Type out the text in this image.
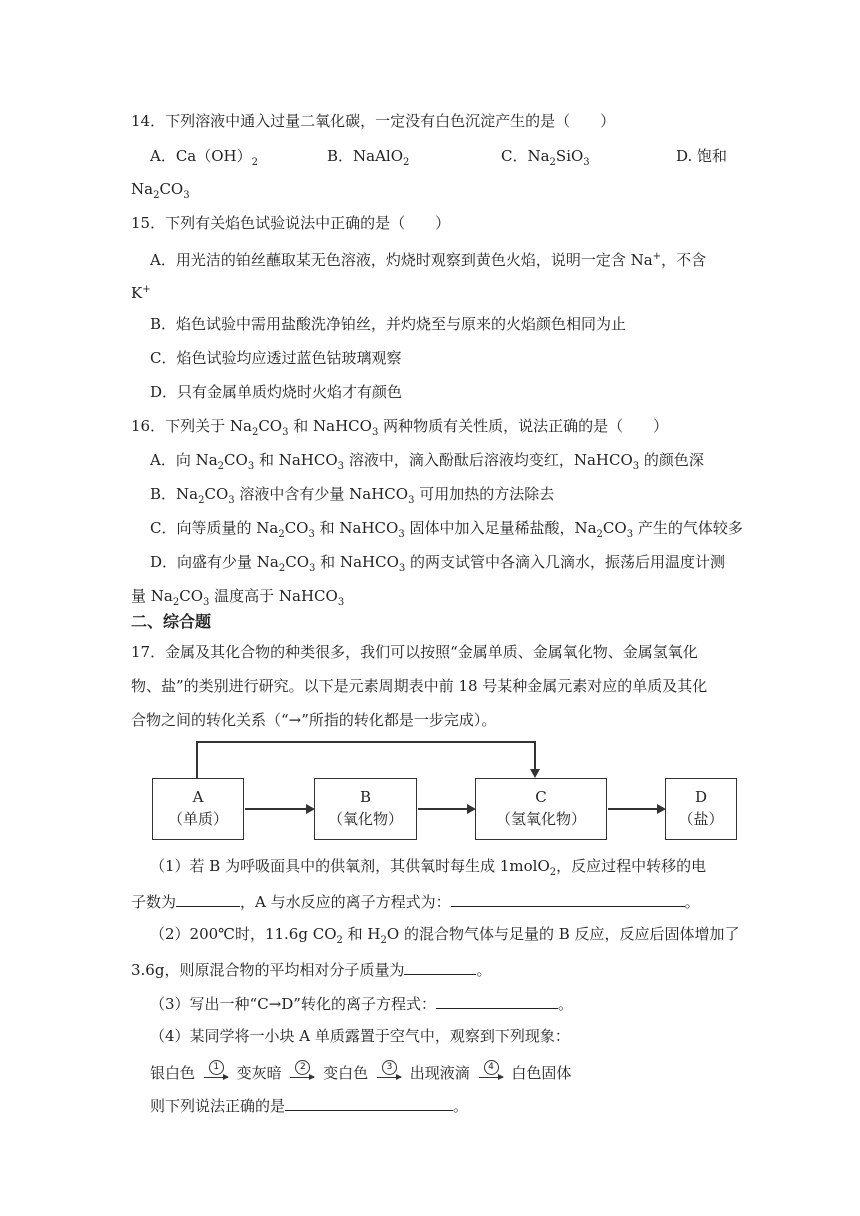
14．下列溶液中通入过量二氧化碳，一定没有白色沉淀产生的是（　　）
A．$Ca(OH)_2$	B．NaAlO$_2$	C．$Na_2SiO_3$	D. 饱和
$Na_2CO_3$
15．下列有关焰色试验说法中正确的是（　　）
A．用光洁的铂丝蘸取某无色溶液，灼烧时观察到黄色火焰，说明一定含 Na+，不含
K+
B．焰色试验中需用盐酸洗净铂丝，并灼烧至与原来的火焰颜色相同为止
C．焰色试验均应透过蓝色钴玻璃观察
D．只有金属单质灼烧时火焰才有颜色
16．下列关于 $Na_2CO_3$ 和 NaHCO$_3$ 两种物质有关性质，说法正确的是（　　）
A．向 $Na_2CO_3$ 和 NaHCO$_3$ 溶液中，滴入酚酞后溶液均变红，NaHCO$_3$ 的颜色深
B．$Na_2CO_3$ 溶液中含有少量 NaHCO$_3$ 可用加热的方法除去
C．向等质量的 $Na_2CO_3$ 和 NaHCO$_3$ 固体中加入足量稀盐酸，$Na_2CO_3$ 产生的气体较多
D．向盛有少量 $Na_2CO_3$ 和 NaHCO$_3$ 的两支试管中各滴入几滴水，振荡后用温度计测
量 $Na_2CO_3$ 温度高于 NaHCO$_3$
二、综合题
17．金属及其化合物的种类很多，我们可以按照“金属单质、金属氧化物、金属氢氧化
物、盐”的类别进行研究。以下是元素周期表中前 18 号某种金属元素对应的单质及其化
合物之间的转化关系（“→”所指的转化都是一步完成）。
A
（单质）
B
（氧化物）
C
（氢氧化物）
D
（盐）
（1）若 B 为呼吸面具中的供氧剂，其供氧时每生成 1molO$_2$，反应过程中转移的电
子数为	，A 与水反应的离子方程式为：	。
（2）200℃时，11.6g $CO_2$ 和 $H_2O$ 的混合物气体与足量的 B 反应，反应后固体增加了
3.6g，则原混合物的平均相对分子质量为	。
（3）写出一种“C→D”转化的离子方程式：	。
（4）某同学将一小块 A 单质露置于空气中，观察到下列现象：
银白色	1	变灰暗	2	变白色	3	出现液滴	4	白色固体
则下列说法正确的是	。
